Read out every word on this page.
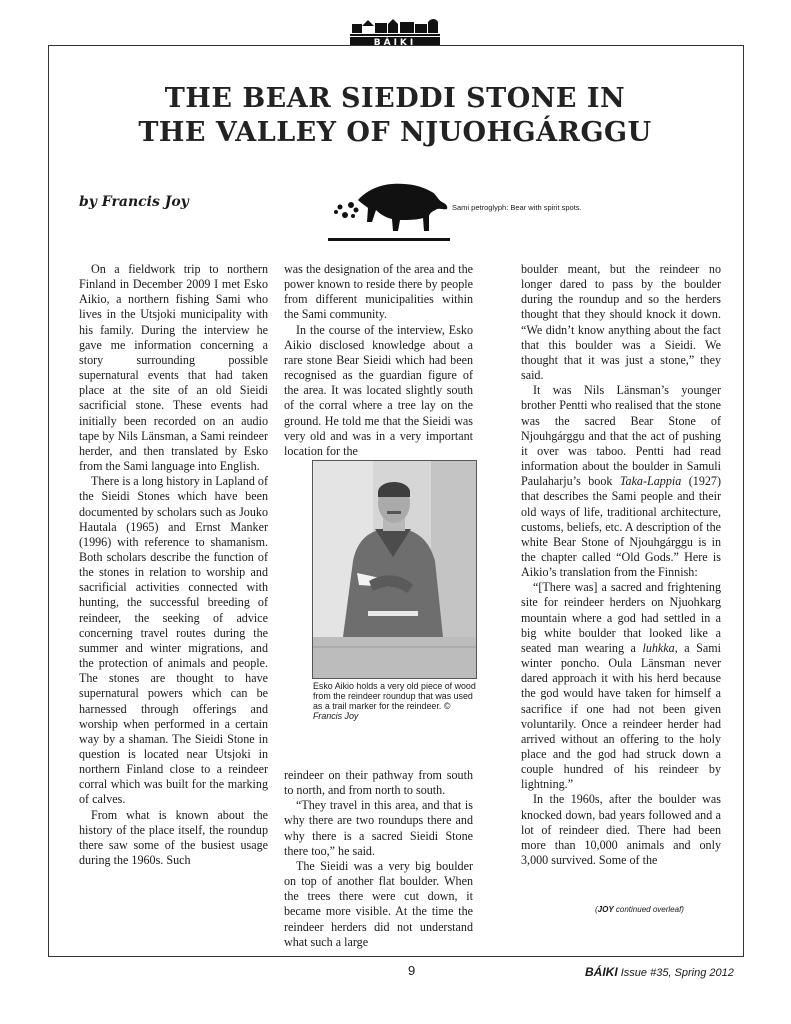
BÁIKI
THE BEAR SIEDDI STONE IN
THE VALLEY OF NJUOHGÁRGGU
by Francis Joy	Sami petroglyph: Bear with spirit spots.

On a fieldwork trip to northern Finland in December 2009 I met Esko Aikio, a northern fishing Sami who lives in the Utsjoki municipality with his family. During the interview he gave me information concerning a story surrounding possible supernatural events that had taken place at the site of an old Sieidi sacrificial stone. These events had initially been recorded on an audio tape by Nils Länsman, a Sami reindeer herder, and then translated by Esko from the Sami language into English.

There is a long history in Lapland of the Sieidi Stones which have been documented by scholars such as Jouko Hautala (1965) and Ernst Manker (1996) with reference to shamanism. Both scholars describe the function of the stones in relation to worship and sacrificial activities connected with hunting, the successful breeding of reindeer, the seeking of advice concerning travel routes during the summer and winter migrations, and the protection of animals and people. The stones are thought to have supernatural powers which can be harnessed through offerings and worship when performed in a certain way by a shaman. The Sieidi Stone in question is located near Utsjoki in northern Finland close to a reindeer corral which was built for the marking of calves.

From what is known about the history of the place itself, the roundup there saw some of the busiest usage during the 1960s. Such

was the designation of the area and the power known to reside there by people from different municipalities within the Sami community.

In the course of the interview, Esko Aikio disclosed knowledge about a rare stone Bear Sieidi which had been recognised as the guardian figure of the area. It was located slightly south of the corral where a tree lay on the ground. He told me that the Sieidi was very old and was in a very important location for the

Esko Aikio holds a very old piece of wood from the reindeer roundup that was used as a trail marker for the reindeer. © Francis Joy

reindeer on their pathway from south to north, and from north to south.

“They travel in this area, and that is why there are two roundups there and why there is a sacred Sieidi Stone there too,” he said.

The Sieidi was a very big boulder on top of another flat boulder. When the trees there were cut down, it became more visible. At the time the reindeer herders did not understand what such a large

boulder meant, but the reindeer no longer dared to pass by the boulder during the roundup and so the herders thought that they should knock it down. “We didn’t know anything about the fact that this boulder was a Sieidi. We thought that it was just a stone,” they said.

It was Nils Länsman’s younger brother Pentti who realised that the stone was the sacred Bear Stone of Njouhgárggu and that the act of pushing it over was taboo. Pentti had read information about the boulder in Samuli Paulaharju’s book Taka-Lappia (1927) that describes the Sami people and their old ways of life, traditional architecture, customs, beliefs, etc. A description of the white Bear Stone of Njouhgárggu is in the chapter called “Old Gods.” Here is Aikio’s translation from the Finnish:

“[There was] a sacred and frightening site for reindeer herders on Njuohkarg mountain where a god had settled in a big white boulder that looked like a seated man wearing a luhkka, a Sami winter poncho. Oula Länsman never dared approach it with his herd because the god would have taken for himself a sacrifice if one had not been given voluntarily. Once a reindeer herder had arrived without an offering to the holy place and the god had struck down a couple hundred of his reindeer by lightning.”

In the 1960s, after the boulder was knocked down, bad years followed and a lot of reindeer died. There had been more than 10,000 animals and only 3,000 survived. Some of the

(JOY continued overleaf)
9	BÁIKI Issue #35, Spring 2012
